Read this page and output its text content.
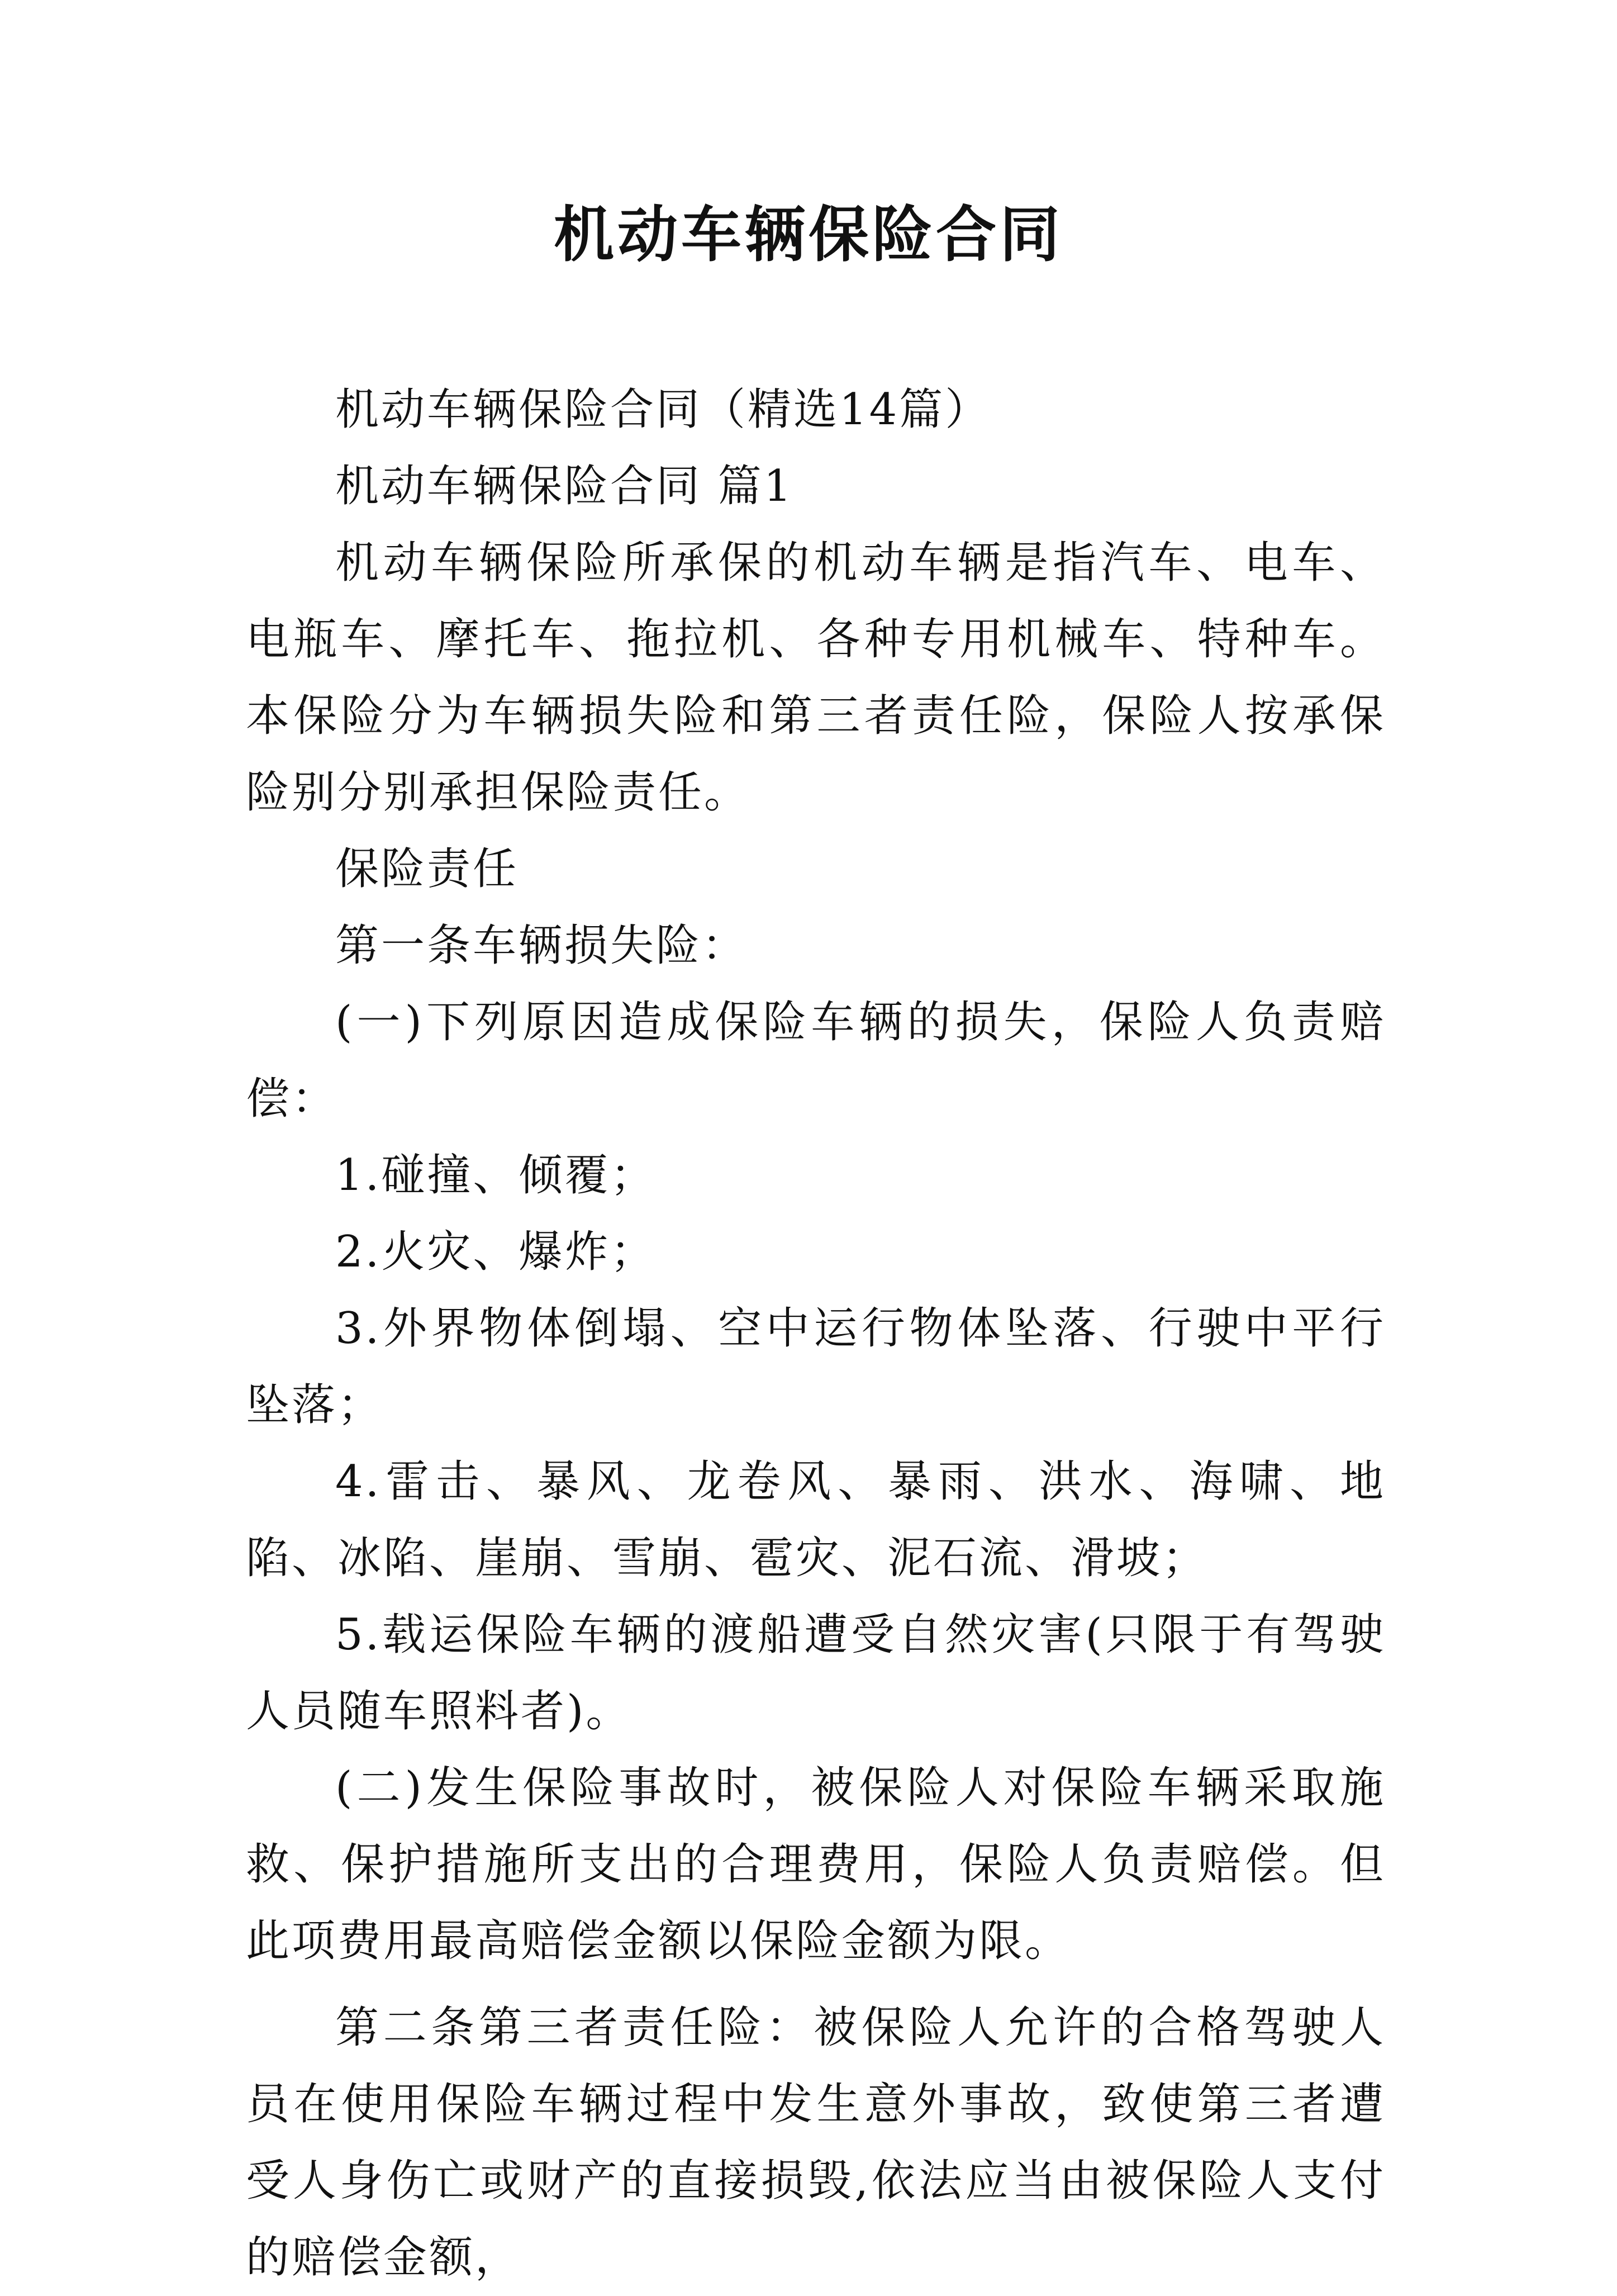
机动车辆保险合同

机动车辆保险合同（精选14篇）

机动车辆保险合同 篇1

机动车辆保险所承保的机动车辆是指汽车、电车、电瓶车、摩托车、拖拉机、各种专用机械车、特种车。本保险分为车辆损失险和第三者责任险，保险人按承保险别分别承担保险责任。

保险责任

第一条车辆损失险：

(一)下列原因造成保险车辆的损失，保险人负责赔偿：

1.碰撞、倾覆；

2.火灾、爆炸；

3.外界物体倒塌、空中运行物体坠落、行驶中平行坠落；

4.雷击、暴风、龙卷风、暴雨、洪水、海啸、地陷、冰陷、崖崩、雪崩、雹灾、泥石流、滑坡；

5.载运保险车辆的渡船遭受自然灾害(只限于有驾驶人员随车照料者)。

(二)发生保险事故时，被保险人对保险车辆采取施救、保护措施所支出的合理费用，保险人负责赔偿。但此项费用最高赔偿金额以保险金额为限。

第二条第三者责任险：被保险人允许的合格驾驶人员在使用保险车辆过程中发生意外事故，致使第三者遭受人身伤亡或财产的直接损毁,依法应当由被保险人支付的赔偿金额，
